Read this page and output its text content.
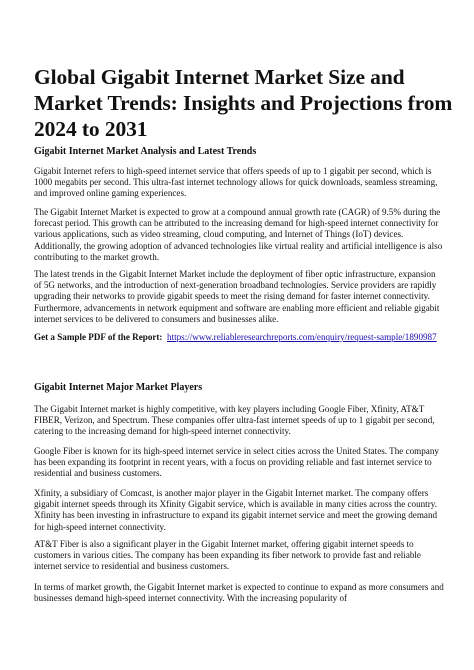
Global Gigabit Internet Market Size and Market Trends: Insights and Projections from 2024 to 2031
Gigabit Internet Market Analysis and Latest Trends

Gigabit Internet refers to high-speed internet service that offers speeds of up to 1 gigabit per second, which is 1000 megabits per second. This ultra-fast internet technology allows for quick downloads, seamless streaming, and improved online gaming experiences.

The Gigabit Internet Market is expected to grow at a compound annual growth rate (CAGR) of 9.5% during the forecast period. This growth can be attributed to the increasing demand for high-speed internet connectivity for various applications, such as video streaming, cloud computing, and Internet of Things (IoT) devices. Additionally, the growing adoption of advanced technologies like virtual reality and artificial intelligence is also contributing to the market growth.

The latest trends in the Gigabit Internet Market include the deployment of fiber optic infrastructure, expansion of 5G networks, and the introduction of next-generation broadband technologies. Service providers are rapidly upgrading their networks to provide gigabit speeds to meet the rising demand for faster internet connectivity. Furthermore, advancements in network equipment and software are enabling more efficient and reliable gigabit internet services to be delivered to consumers and businesses alike.

Get a Sample PDF of the Report: https://www.reliableresearchreports.com/enquiry/request-sample/1890987

Gigabit Internet Major Market Players

The Gigabit Internet market is highly competitive, with key players including Google Fiber, Xfinity, AT&T FIBER, Verizon, and Spectrum. These companies offer ultra-fast internet speeds of up to 1 gigabit per second, catering to the increasing demand for high-speed internet connectivity.

Google Fiber is known for its high-speed internet service in select cities across the United States. The company has been expanding its footprint in recent years, with a focus on providing reliable and fast internet service to residential and business customers.

Xfinity, a subsidiary of Comcast, is another major player in the Gigabit Internet market. The company offers gigabit internet speeds through its Xfinity Gigabit service, which is available in many cities across the country. Xfinity has been investing in infrastructure to expand its gigabit internet service and meet the growing demand for high-speed internet connectivity.

AT&T Fiber is also a significant player in the Gigabit Internet market, offering gigabit internet speeds to customers in various cities. The company has been expanding its fiber network to provide fast and reliable internet service to residential and business customers.

In terms of market growth, the Gigabit Internet market is expected to continue to expand as more consumers and businesses demand high-speed internet connectivity. With the increasing popularity of
